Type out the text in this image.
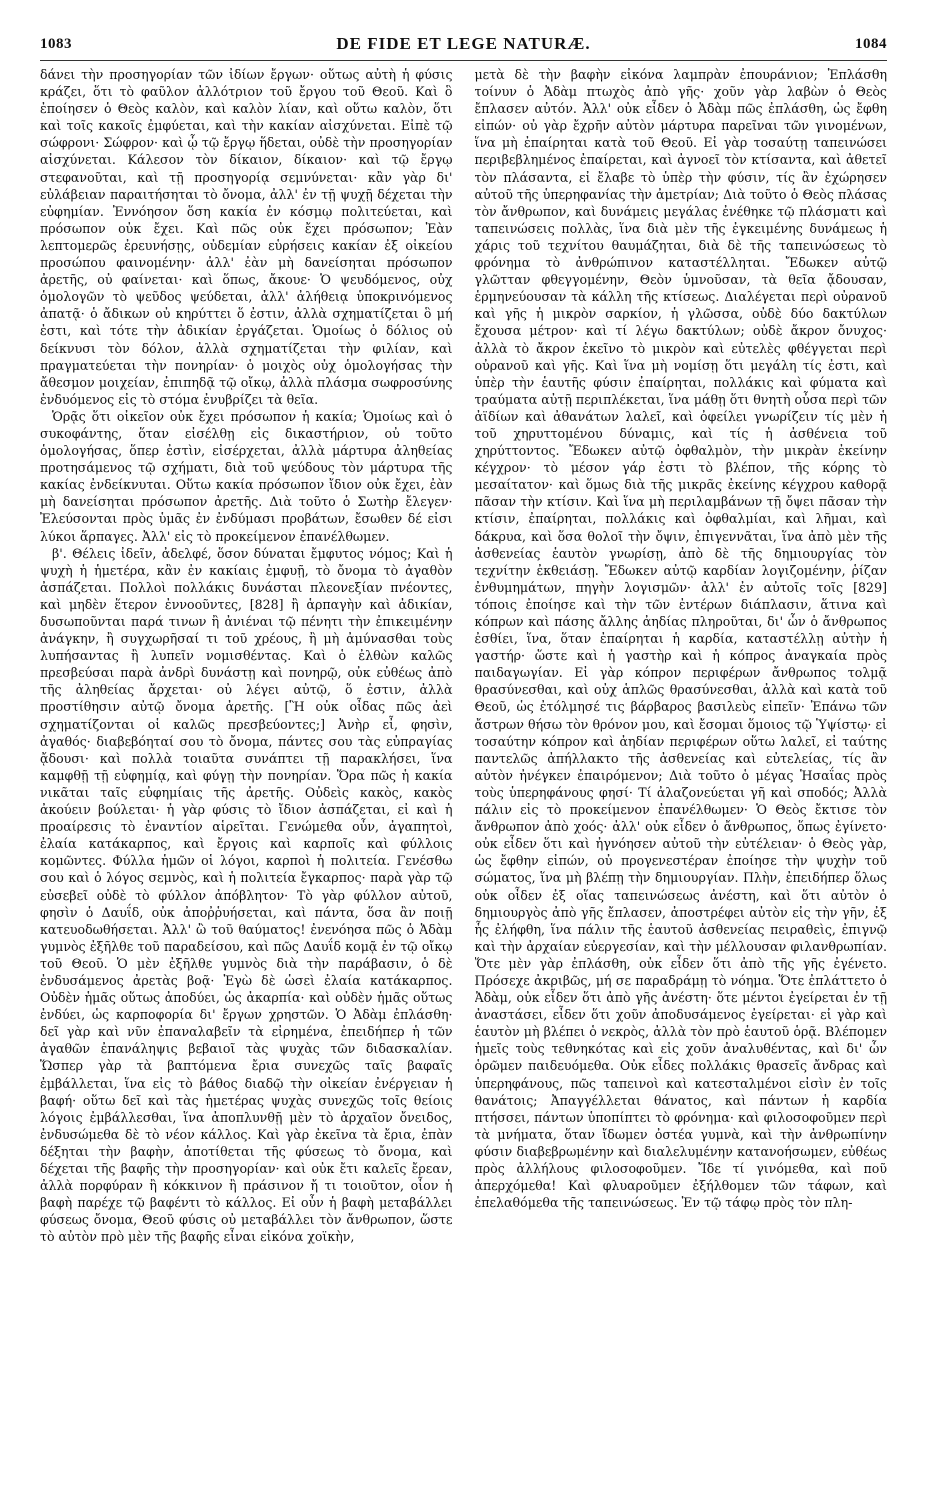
1083	DE FIDE ET LEGE NATURÆ.	1084

δάνει τὴν προσηγορίαν τῶν ἰδίων ἔργων· οὕτως αὐτὴ ἡ φύσις κράζει, ὅτι τὸ φαῦλον ἀλλότριον τοῦ ἔργου τοῦ Θεοῦ. Καὶ ὃ ἐποίησεν ὁ Θεὸς καλὸν, καὶ καλὸν λίαν, καὶ οὕτω καλὸν, ὅτι καὶ τοῖς κακοῖς ἐμφύεται, καὶ τὴν κακίαν αἰσχύνεται. Εἰπὲ τῷ σώφρονι· Σώφρον· καὶ ᾧ τῷ ἔργῳ ἥδεται, οὐδὲ τὴν προσηγορίαν αἰσχύνεται. Κάλεσον τὸν δίκαιον, δίκαιον· καὶ τῷ ἔργῳ στεφανοῦται, καὶ τῇ προσηγορίᾳ σεμνύνεται· κἂν γὰρ δι' εὐλάβειαν παραιτήσηται τὸ ὄνομα, ἀλλ' ἐν τῇ ψυχῇ δέχεται τὴν εὐφημίαν. Ἐννόησον ὅση κακία ἐν κόσμῳ πολιτεύεται, καὶ πρόσωπον οὐκ ἔχει. Καὶ πῶς οὐκ ἔχει πρόσωπον; Ἐὰν λεπτομερῶς ἐρευνήσῃς, οὐδεμίαν εὑρήσεις κακίαν ἐξ οἰκείου προσώπου φαινομένην· ἀλλ' ἐὰν μὴ δανείσηται πρόσωπον ἀρετῆς, οὐ φαίνεται· καὶ ὅπως, ἄκουε· Ὁ ψευδόμενος, οὐχ ὁμολογῶν τὸ ψεῦδος ψεύδεται, ἀλλ' ἀλήθειᾳ ὑποκρινόμενος ἀπατᾷ· ὁ ἄδικων οὐ κηρύττει ὅ ἐστιν, ἀλλὰ σχηματίζεται ὃ μή ἐστι, καὶ τότε τὴν ἀδικίαν ἐργάζεται. Ὁμοίως ὁ δόλιος οὐ δείκνυσι τὸν δόλον, ἀλλὰ σχηματίζεται τὴν φιλίαν, καὶ πραγματεύεται τὴν πονηρίαν· ὁ μοιχὸς οὐχ ὁμολογήσας τὴν ἄθεσμον μοιχείαν, ἐπιπηδᾷ τῷ οἴκῳ, ἀλλὰ πλάσμα σωφροσύνης ἐνδυόμενος εἰς τὸ στόμα ἐνυβρίζει τὰ θεῖα.

Ὁρᾷς ὅτι οἰκεῖον οὐκ ἔχει πρόσωπον ἡ κακία; Ὁμοίως καὶ ὁ συκοφάντης, ὅταν εἰσέλθῃ εἰς δικαστήριον, οὐ τοῦτο ὁμολογήσας, ὅπερ ἐστὶν, εἰσέρχεται, ἀλλὰ μάρτυρα ἀληθείας προτησάμενος τῷ σχήματι, διὰ τοῦ ψεύδους τὸν μάρτυρα τῆς κακίας ἐνδείκνυται. Οὕτω κακία πρόσωπον ἴδιον οὐκ ἔχει, ἐὰν μὴ δανείσηται πρόσωπον ἀρετῆς. Διὰ τοῦτο ὁ Σωτὴρ ἔλεγεν· Ἐλεύσονται πρὸς ὑμᾶς ἐν ἐνδύμασι προβάτων, ἔσωθεν δέ εἰσι λύκοι ἅρπαγες. Ἀλλ' εἰς τὸ προκείμενον ἐπανέλθωμεν.

β'. Θέλεις ἰδεῖν, ἀδελφέ, ὅσον δύναται ἔμφυτος νόμος; Καὶ ἡ ψυχὴ ἡ ἡμετέρα, κἂν ἐν κακίαις ἐμφυῇ, τὸ ὄνομα τὸ ἀγαθὸν ἀσπάζεται. Πολλοὶ πολλάκις δυνάσται πλεονεξίαν πνέοντες, καὶ μηδὲν ἕτερον ἐννοοῦντες, [828] ἢ ἁρπαγὴν καὶ ἀδικίαν, δυσωποῦνται παρά τινων ἢ ἀνιέναι τῷ πένητι τὴν ἐπικειμένην ἀνάγκην, ἢ συγχωρῆσαί τι τοῦ χρέους, ἢ μὴ ἀμύνασθαι τοὺς λυπήσαντας ἢ λυπεῖν νομισθέντας. Καὶ ὁ ἐλθὼν καλῶς πρεσβεύσαι παρὰ ἀνδρὶ δυνάστῃ καὶ πονηρῷ, οὐκ εὐθέως ἀπὸ τῆς ἀληθείας ἄρχεται· οὐ λέγει αὐτῷ, ὅ ἐστιν, ἀλλὰ προστίθησιν αὐτῷ ὄνομα ἀρετῆς. [Ἢ οὐκ οἶδας πῶς ἀεὶ σχηματίζονται οἱ καλῶς πρεσβεύοντες;] Ἀνὴρ εἶ, φησὶν, ἀγαθός· διαβεβόηταί σου τὸ ὄνομα, πάντες σου τὰς εὐπραγίας ᾄδουσι· καὶ πολλὰ τοιαῦτα συνάπτει τῇ παρακλήσει, ἵνα καμφθῇ τῇ εὐφημίᾳ, καὶ φύγῃ τὴν πονηρίαν. Ὅρα πῶς ἡ κακία νικᾶται ταῖς εὐφημίαις τῆς ἀρετῆς. Οὐδεὶς κακὸς, κακὸς ἀκούειν βούλεται· ἡ γὰρ φύσις τὸ ἴδιον ἀσπάζεται, εἰ καὶ ἡ προαίρεσις τὸ ἐναντίον αἱρεῖται. Γενώμεθα οὖν, ἀγαπητοὶ, ἐλαία κατάκαρπος, καὶ ἔργοις καὶ καρποῖς καὶ φύλλοις κομῶντες. Φύλλα ἡμῶν οἱ λόγοι, καρποὶ ἡ πολιτεία. Γενέσθω σου καὶ ὁ λόγος σεμνὸς, καὶ ἡ πολιτεία ἔγκαρπος· παρὰ γὰρ τῷ εὐσεβεῖ οὐδὲ τὸ φύλλον ἀπόβλητον· Τὸ γὰρ φύλλον αὐτοῦ, φησὶν ὁ Δαυΐδ, οὐκ ἀποῤῥυήσεται, καὶ πάντα, ὅσα ἂν ποιῇ κατευοδωθήσεται. Ἀλλ' ὢ τοῦ θαύματος! ἐνενόησα πῶς ὁ Ἀδὰμ γυμνὸς ἐξῆλθε τοῦ παραδείσου, καὶ πῶς Δαυΐδ κομᾷ ἐν τῷ οἴκῳ τοῦ Θεοῦ. Ὁ μὲν ἐξῆλθε γυμνὸς διὰ τὴν παράβασιν, ὁ δὲ ἐνδυσάμενος ἀρετὰς βοᾷ· Ἐγὼ δὲ ὡσεὶ ἐλαία κατάκαρπος. Οὐδὲν ἡμᾶς οὕτως ἀποδύει, ὡς ἀκαρπία· καὶ οὐδὲν ἡμᾶς οὕτως ἐνδύει, ὡς καρποφορία δι' ἔργων χρηστῶν. Ὁ Ἀδὰμ ἐπλάσθη· δεῖ γὰρ καὶ νῦν ἐπαναλαβεῖν τὰ εἰρημένα, ἐπειδήπερ ἡ τῶν ἀγαθῶν ἐπανάληψις βεβαιοῖ τὰς ψυχὰς τῶν διδασκαλίαν. Ὥσπερ γὰρ τὰ βαπτόμενα ἔρια συνεχῶς ταῖς βαφαῖς ἐμβάλλεται, ἵνα εἰς τὸ βάθος διαδῷ τὴν οἰκείαν ἐνέργειαν ἡ βαφή· οὕτω δεῖ καὶ τὰς ἡμετέρας ψυχὰς συνεχῶς τοῖς θείοις λόγοις ἐμβάλλεσθαι, ἵνα ἀποπλυνθῇ μὲν τὸ ἀρχαῖον ὄνειδος, ἐνδυσώμεθα δὲ τὸ νέον κάλλος. Καὶ γὰρ ἐκεῖνα τὰ ἔρια, ἐπὰν δέξηται τὴν βαφὴν, ἀποτίθεται τῆς φύσεως τὸ ὄνομα, καὶ δέχεται τῆς βαφῆς τὴν προσηγορίαν· καὶ οὐκ ἔτι καλεῖς ἔρεαν, ἀλλὰ πορφύραν ἢ κόκκινον ἢ πράσινον ἤ τι τοιοῦτον, οἷον ἡ βαφὴ παρέχε τῷ βαφέντι τὸ κάλλος. Εἰ οὖν ἡ βαφὴ μεταβάλλει φύσεως ὄνομα, Θεοῦ φύσις οὐ μεταβάλλει τὸν ἄνθρωπον, ὥστε τὸ αὐτὸν πρὸ μὲν τῆς βαφῆς εἶναι εἰκόνα χοϊκὴν,

μετὰ δὲ τὴν βαφὴν εἰκόνα λαμπρὰν ἐπουράνιον; Ἐπλάσθη τοίνυν ὁ Ἀδὰμ πτωχὸς ἀπὸ γῆς· χοῦν γὰρ λαβὼν ὁ Θεὸς ἔπλασεν αὐτόν. Ἀλλ' οὐκ εἶδεν ὁ Ἀδὰμ πῶς ἐπλάσθη, ὡς ἔφθη εἰπών· οὐ γὰρ ἔχρῆν αὐτὸν μάρτυρα παρεῖναι τῶν γινομένων, ἵνα μὴ ἐπαίρηται κατὰ τοῦ Θεοῦ. Εἰ γὰρ τοσαύτῃ ταπεινώσει περιβεβλημένος ἐπαίρεται, καὶ ἀγνοεῖ τὸν κτίσαντα, καὶ ἀθετεῖ τὸν πλάσαντα, εἰ ἔλαβε τὸ ὑπὲρ τὴν φύσιν, τίς ἂν ἐχώρησεν αὐτοῦ τῆς ὑπερηφανίας τὴν ἀμετρίαν; Διὰ τοῦτο ὁ Θεὸς πλάσας τὸν ἄνθρωπον, καὶ δυνάμεις μεγάλας ἐνέθηκε τῷ πλάσματι καὶ ταπεινώσεις πολλὰς, ἵνα διὰ μὲν τῆς ἐγκειμένης δυνάμεως ἡ χάρις τοῦ τεχνίτου θαυμάζηται, διὰ δὲ τῆς ταπεινώσεως τὸ φρόνημα τὸ ἀνθρώπινον καταστέλληται. Ἔδωκεν αὐτῷ γλῶτταν φθεγγομένην, Θεὸν ὑμνοῦσαν, τὰ θεῖα ᾄδουσαν, ἑρμηνεύουσαν τὰ κάλλη τῆς κτίσεως. Διαλέγεται περὶ οὐρανοῦ καὶ γῆς ἡ μικρὸν σαρκίον, ἡ γλῶσσα, οὐδὲ δύο δακτύλων ἔχουσα μέτρον· καὶ τί λέγω δακτύλων; οὐδὲ ἄκρον ὄνυχος· ἀλλὰ τὸ ἄκρον ἐκεῖνο τὸ μικρὸν καὶ εὐτελὲς φθέγγεται περὶ οὐρανοῦ καὶ γῆς. Καὶ ἵνα μὴ νομίσῃ ὅτι μεγάλη τίς ἐστι, καὶ ὑπὲρ τὴν ἑαυτῆς φύσιν ἐπαίρηται, πολλάκις καὶ φύματα καὶ τραύματα αὐτῇ περιπλέκεται, ἵνα μάθῃ ὅτι θνητὴ οὖσα περὶ τῶν ἀϊδίων καὶ ἀθανάτων λαλεῖ, καὶ ὀφείλει γνωρίζειν τίς μὲν ἡ τοῦ χηρυττομένου δύναμις, καὶ τίς ἡ ἀσθένεια τοῦ χηρύττοντος. Ἔδωκεν αὐτῷ ὀφθαλμὸν, τὴν μικρὰν ἐκείνην κέγχρον· τὸ μέσον γάρ ἐστι τὸ βλέπον, τῆς κόρης τὸ μεσαίτατον· καὶ ὅμως διὰ τῆς μικρᾶς ἐκείνης κέγχρου καθορᾷ πᾶσαν τὴν κτίσιν. Καὶ ἵνα μὴ περιλαμβάνων τῇ ὄψει πᾶσαν τὴν κτίσιν, ἐπαίρηται, πολλάκις καὶ ὀφθαλμίαι, καὶ λῆμαι, καὶ δάκρυα, καὶ ὅσα θολοῖ τὴν ὄψιν, ἐπιγεννᾶται, ἵνα ἀπὸ μὲν τῆς ἀσθενείας ἑαυτὸν γνωρίσῃ, ἀπὸ δὲ τῆς δημιουργίας τὸν τεχνίτην ἐκθειάσῃ. Ἔδωκεν αὐτῷ καρδίαν λογιζομένην, ῥίζαν ἐνθυμημάτων, πηγὴν λογισμῶν· ἀλλ' ἐν αὐτοῖς τοῖς [829] τόποις ἐποίησε καὶ τὴν τῶν ἐντέρων διάπλασιν, ἅτινα καὶ κόπρων καὶ πάσης ἄλλης ἀηδίας πληροῦται, δι' ὧν ὁ ἄνθρωπος ἐσθίει, ἵνα, ὅταν ἐπαίρηται ἡ καρδία, καταστέλλῃ αὐτὴν ἡ γαστήρ· ὥστε καὶ ἡ γαστὴρ καὶ ἡ κόπρος ἀναγκαία πρὸς παιδαγωγίαν. Εἰ γὰρ κόπρον περιφέρων ἄνθρωπος τολμᾷ θρασύνεσθαι, καὶ οὐχ ἁπλῶς θρασύνεσθαι, ἀλλὰ καὶ κατὰ τοῦ Θεοῦ, ὡς ἐτόλμησέ τις βάρβαρος βασιλεὺς εἰπεῖν· Ἐπάνω τῶν ἄστρων θήσω τὸν θρόνον μου, καὶ ἔσομαι ὅμοιος τῷ Ὑψίστῳ· εἰ τοσαύτην κόπρον καὶ ἀηδίαν περιφέρων οὕτω λαλεῖ, εἰ ταύτης παντελῶς ἀπήλλακτο τῆς ἀσθενείας καὶ εὐτελείας, τίς ἂν αὐτὸν ἠνέγκεν ἐπαιρόμενον; Διὰ τοῦτο ὁ μέγας Ἡσαΐας πρὸς τοὺς ὑπερηφάνους φησί· Τί ἀλαζονεύεται γῆ καὶ σποδός; Ἀλλὰ πάλιν εἰς τὸ προκείμενον ἐπανέλθωμεν· Ὁ Θεὸς ἔκτισε τὸν ἄνθρωπον ἀπὸ χοός· ἀλλ' οὐκ εἶδεν ὁ ἄνθρωπος, ὅπως ἐγίνετο· οὐκ εἶδεν ὅτι καὶ ἠγνόησεν αὐτοῦ τὴν εὐτέλειαν· ὁ Θεὸς γὰρ, ὡς ἔφθην εἰπών, οὐ προγενεστέραν ἐποίησε τὴν ψυχὴν τοῦ σώματος, ἵνα μὴ βλέπῃ τὴν δημιουργίαν. Πλὴν, ἐπειδήπερ ὅλως οὐκ οἶδεν ἐξ οἵας ταπεινώσεως ἀνέστη, καὶ ὅτι αὐτὸν ὁ δημιουργὸς ἀπὸ γῆς ἔπλασεν, ἀποστρέφει αὐτὸν εἰς τὴν γῆν, ἐξ ἧς ἐλήφθη, ἵνα πάλιν τῆς ἑαυτοῦ ἀσθενείας πειραθεὶς, ἐπιγνῷ καὶ τὴν ἀρχαίαν εὐεργεσίαν, καὶ τὴν μέλλουσαν φιλανθρωπίαν. Ὅτε μὲν γὰρ ἐπλάσθη, οὐκ εἶδεν ὅτι ἀπὸ τῆς γῆς ἐγένετο. Πρόσεχε ἀκριβῶς, μή σε παραδράμῃ τὸ νόημα. Ὅτε ἐπλάττετο ὁ Ἀδὰμ, οὐκ εἶδεν ὅτι ἀπὸ γῆς ἀνέστη· ὅτε μέντοι ἐγείρεται ἐν τῇ ἀναστάσει, εἶδεν ὅτι χοῦν ἀποδυσάμενος ἐγείρεται· εἰ γὰρ καὶ ἑαυτὸν μὴ βλέπει ὁ νεκρὸς, ἀλλὰ τὸν πρὸ ἑαυτοῦ ὁρᾷ. Βλέπομεν ἡμεῖς τοὺς τεθνηκότας καὶ εἰς χοῦν ἀναλυθέντας, καὶ δι' ὧν ὁρῶμεν παιδευόμεθα. Οὐκ εἶδες πολλάκις θρασεῖς ἄνδρας καὶ ὑπερηφάνους, πῶς ταπεινοὶ καὶ κατεσταλμένοι εἰσὶν ἐν τοῖς θανάτοις; Ἀπαγγέλλεται θάνατος, καὶ πάντων ἡ καρδία πτήσσει, πάντων ὑποπίπτει τὸ φρόνημα· καὶ φιλοσοφοῦμεν περὶ τὰ μνήματα, ὅταν ἴδωμεν ὀστέα γυμνὰ, καὶ τὴν ἀνθρωπίνην φύσιν διαβεβρωμένην καὶ διαλελυμένην κατανοήσωμεν, εὐθέως πρὸς ἀλλήλους φιλοσοφοῦμεν. Ἴδε τί γινόμεθα, καὶ ποῦ ἀπερχόμεθα! Καὶ φλυαροῦμεν ἐξήλθομεν τῶν τάφων, καὶ ἐπελαθόμεθα τῆς ταπεινώσεως. Ἐν τῷ τάφῳ πρὸς τὸν πλη-
